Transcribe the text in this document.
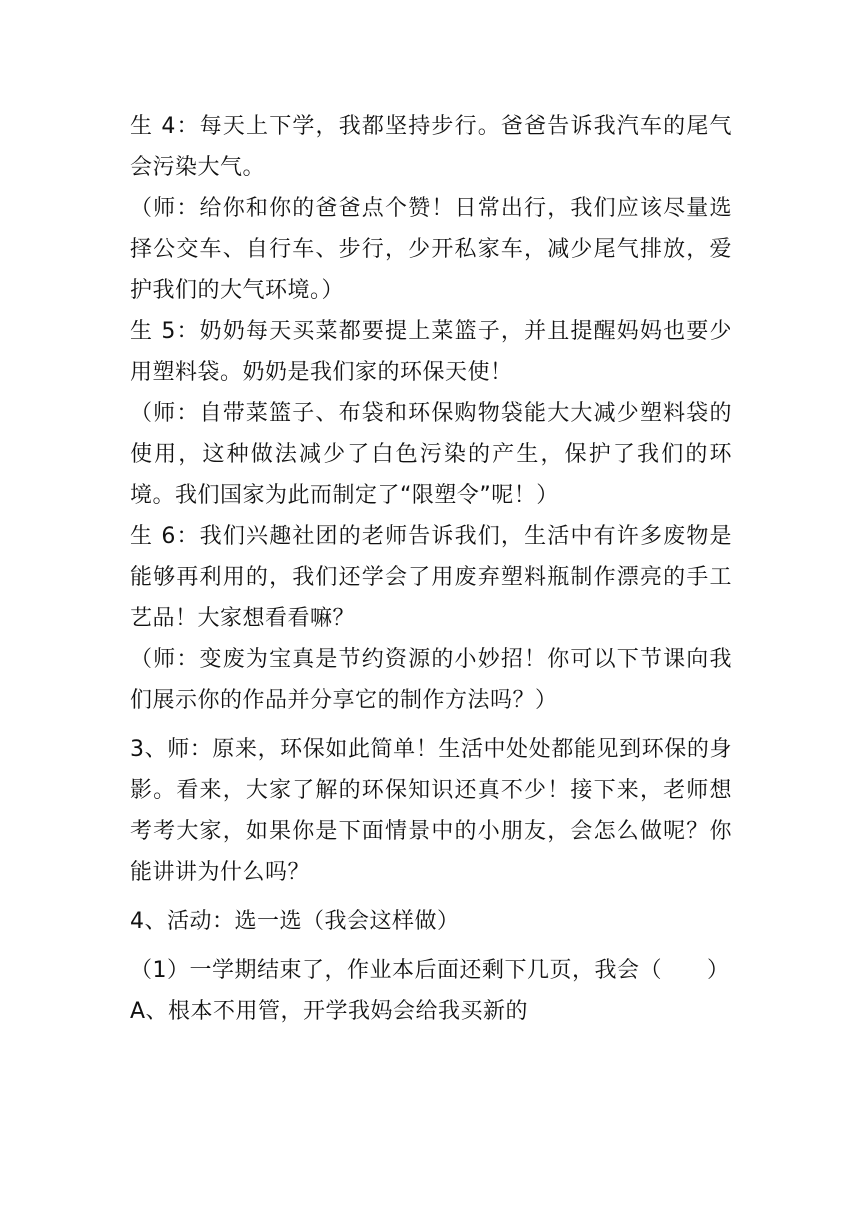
生 4：每天上下学，我都坚持步行。爸爸告诉我汽车的尾气会污染大气。

（师：给你和你的爸爸点个赞！日常出行，我们应该尽量选择公交车、自行车、步行，少开私家车，减少尾气排放，爱护我们的大气环境。）

生 5：奶奶每天买菜都要提上菜篮子，并且提醒妈妈也要少用塑料袋。奶奶是我们家的环保天使！

（师：自带菜篮子、布袋和环保购物袋能大大减少塑料袋的使用，这种做法减少了白色污染的产生，保护了我们的环境。我们国家为此而制定了“限塑令”呢！）

生 6：我们兴趣社团的老师告诉我们，生活中有许多废物是能够再利用的，我们还学会了用废弃塑料瓶制作漂亮的手工艺品！大家想看看嘛？

（师：变废为宝真是节约资源的小妙招！你可以下节课向我们展示你的作品并分享它的制作方法吗？）

3、师：原来，环保如此简单！生活中处处都能见到环保的身影。看来，大家了解的环保知识还真不少！接下来，老师想考考大家，如果你是下面情景中的小朋友，会怎么做呢？你能讲讲为什么吗？

4、活动：选一选（我会这样做）

（1）一学期结束了，作业本后面还剩下几页，我会（　　）

A、根本不用管，开学我妈会给我买新的
